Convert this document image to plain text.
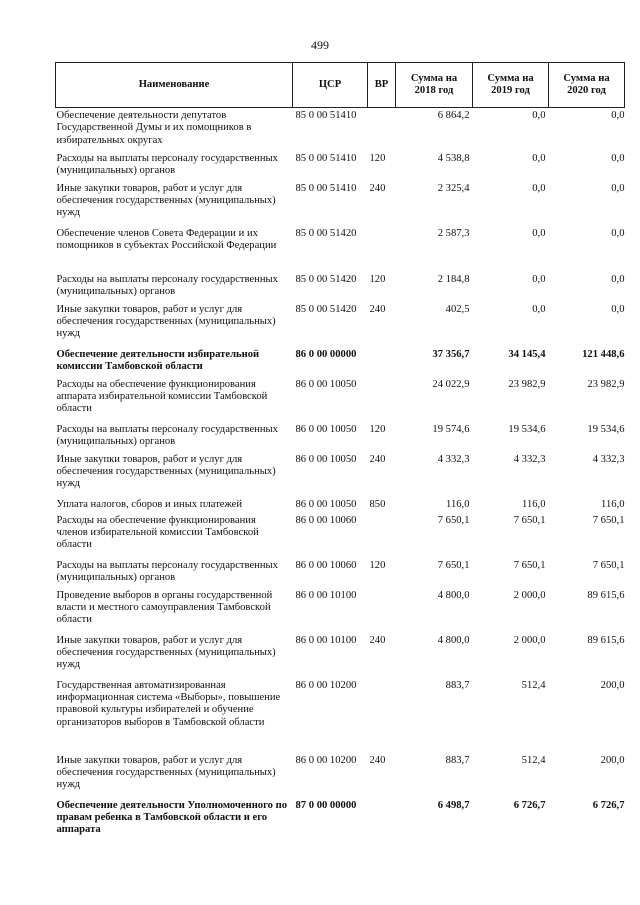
499
Наименование	ЦСР	ВР	Сумма на 2018 год	Сумма на 2019 год	Сумма на 2020 год
Обеспечение деятельности депутатов Государственной Думы и их помощников в избирательных округах	85 0 00 51410		6 864,2	0,0	0,0
Расходы на выплаты персоналу государственных (муниципальных) органов	85 0 00 51410	120	4 538,8	0,0	0,0
Иные закупки товаров, работ и услуг для обеспечения государственных (муниципальных) нужд	85 0 00 51410	240	2 325,4	0,0	0,0
Обеспечение членов Совета Федерации и их помощников в субъектах Российской Федерации	85 0 00 51420		2 587,3	0,0	0,0
Расходы на выплаты персоналу государственных (муниципальных) органов	85 0 00 51420	120	2 184,8	0,0	0,0
Иные закупки товаров, работ и услуг для обеспечения государственных (муниципальных) нужд	85 0 00 51420	240	402,5	0,0	0,0
Обеспечение деятельности избирательной комиссии Тамбовской области	86 0 00 00000		37 356,7	34 145,4	121 448,6
Расходы на обеспечение функционирования аппарата избирательной комиссии Тамбовской области	86 0 00 10050		24 022,9	23 982,9	23 982,9
Расходы на выплаты персоналу государственных (муниципальных) органов	86 0 00 10050	120	19 574,6	19 534,6	19 534,6
Иные закупки товаров, работ и услуг для обеспечения государственных (муниципальных) нужд	86 0 00 10050	240	4 332,3	4 332,3	4 332,3
Уплата налогов, сборов и иных платежей	86 0 00 10050	850	116,0	116,0	116,0
Расходы на обеспечение функционирования членов избирательной комиссии Тамбовской области	86 0 00 10060		7 650,1	7 650,1	7 650,1
Расходы на выплаты персоналу государственных (муниципальных) органов	86 0 00 10060	120	7 650,1	7 650,1	7 650,1
Проведение выборов в органы государственной власти и местного самоуправления Тамбовской области	86 0 00 10100		4 800,0	2 000,0	89 615,6
Иные закупки товаров, работ и услуг для обеспечения государственных (муниципальных) нужд	86 0 00 10100	240	4 800,0	2 000,0	89 615,6
Государственная автоматизированная информационная система «Выборы», повышение правовой культуры избирателей и обучение организаторов выборов в Тамбовской области	86 0 00 10200		883,7	512,4	200,0
Иные закупки товаров, работ и услуг для обеспечения государственных (муниципальных) нужд	86 0 00 10200	240	883,7	512,4	200,0
Обеспечение деятельности Уполномоченного по правам ребенка в Тамбовской области и его аппарата	87 0 00 00000		6 498,7	6 726,7	6 726,7
